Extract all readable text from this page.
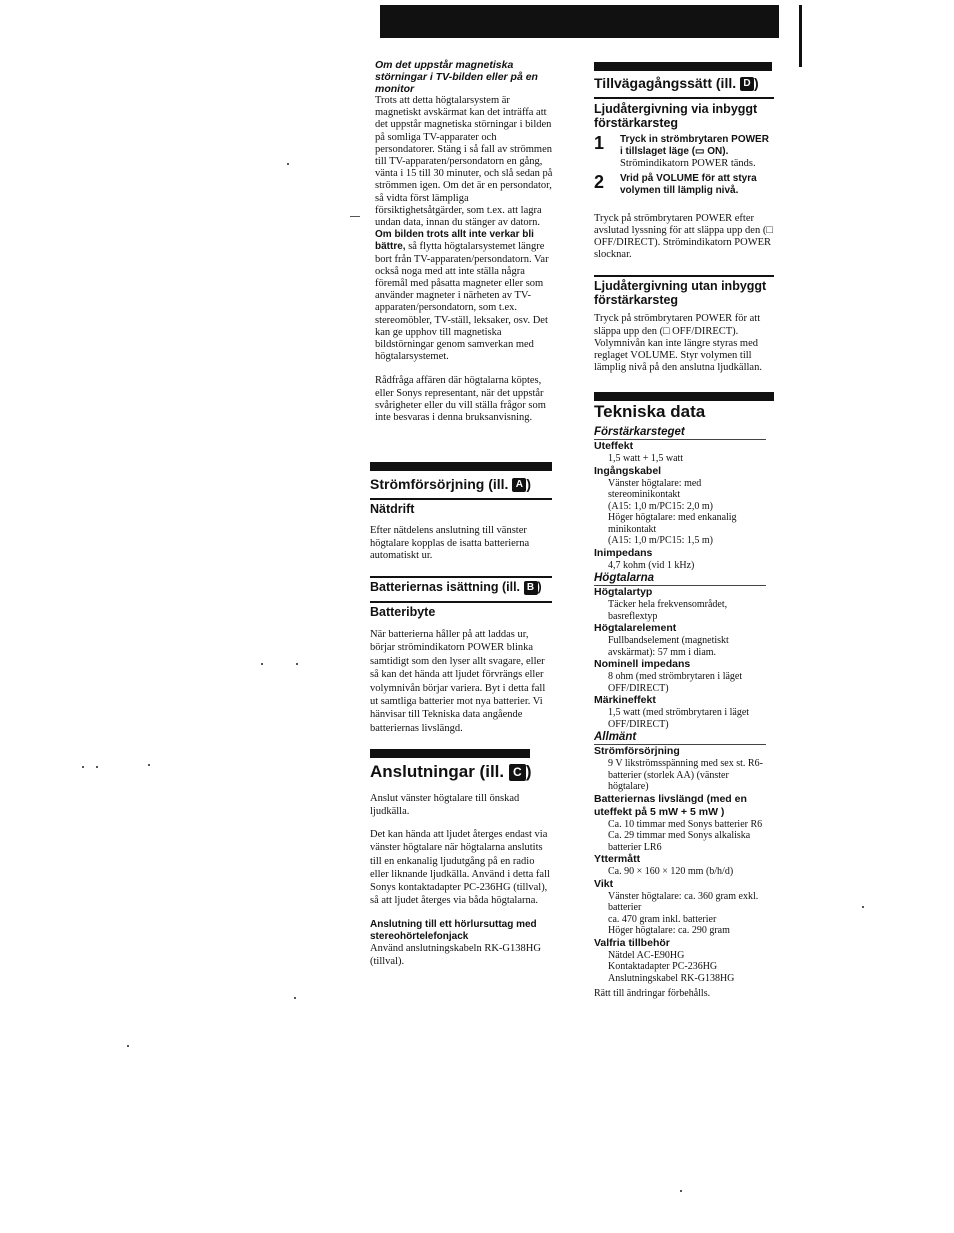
Om det uppstår magnetiska störningar i TV-bilden eller på en monitor

Trots att detta högtalarsystem är magnetiskt avskärmat kan det inträffa att det uppstår magnetiska störningar i bilden på somliga TV-apparater och persondatorer. Stäng i så fall av strömmen till TV-apparaten/persondatorn en gång, vänta i 15 till 30 minuter, och slå sedan på strömmen igen. Om det är en persondator, så vidta först lämpliga försiktighetsåtgärder, som t.ex. att lagra undan data, innan du stänger av datorn.

Om bilden trots allt inte verkar bli bättre, så flytta högtalarsystemet längre bort från TV-apparaten/persondatorn. Var också noga med att inte ställa några föremål med påsatta magneter eller som använder magneter i närheten av TV-apparaten/persondatorn, som t.ex. stereomöbler, TV-ställ, leksaker, osv. Det kan ge upphov till magnetiska bildstörningar genom samverkan med högtalarsystemet.

Rådfråga affären där högtalarna köptes, eller Sonys representant, när det uppstår svårigheter eller du vill ställa frågor som inte besvaras i denna bruksanvisning.

Strömförsörjning (ill. A )
Nätdrift

Efter nätdelens anslutning till vänster högtalare kopplas de isatta batterierna automatiskt ur.

Batteriernas isättning (ill. B )
Batteribyte

När batterierna håller på att laddas ur, börjar strömindikatorn POWER blinka samtidigt som den lyser allt svagare, eller så kan det hända att ljudet förvrängs eller volymnivån börjar variera. Byt i detta fall ut samtliga batterier mot nya batterier. Vi hänvisar till Tekniska data angående batteriernas livslängd.

Anslutningar (ill. C )

Anslut vänster högtalare till önskad ljudkälla.

Det kan hända att ljudet återges endast via vänster högtalare när högtalarna anslutits till en enkanalig ljudutgång på en radio eller liknande ljudkälla. Använd i detta fall Sonys kontaktadapter PC-236HG (tillval), så att ljudet återges via båda högtalarna.

Anslutning till ett hörlursuttag med stereohörtelefonjack

Använd anslutningskabeln RK-G138HG (tillval).

Tillvägagångssätt (ill. D )
Ljudåtergivning via inbyggt förstärkarsteg
1	Tryck in strömbrytaren POWER i tillslaget läge (▭ ON).

Strömindikatorn POWER tänds.

2	Vrid på VOLUME för att styra volymen till lämplig nivå.

Tryck på strömbrytaren POWER efter avslutad lyssning för att släppa upp den (□ OFF/DIRECT). Strömindikatorn POWER slocknar.

Ljudåtergivning utan inbyggt förstärkarsteg

Tryck på strömbrytaren POWER för att släppa upp den (□ OFF/DIRECT). Volymnivån kan inte längre styras med reglaget VOLUME. Styr volymen till lämplig nivå på den anslutna ljudkällan.

Tekniska data
Förstärkarsteget
Uteffekt
1,5 watt + 1,5 watt
Ingångskabel
Vänster högtalare: med stereominikontakt
(A15: 1,0 m/PC15: 2,0 m)
Höger högtalare: med enkanalig minikontakt
(A15: 1,0 m/PC15: 1,5 m)
Inimpedans
4,7 kohm (vid 1 kHz)
Högtalarna
Högtalartyp
Täcker hela frekvensområdet, basreflextyp
Högtalarelement
Fullbandselement (magnetiskt avskärmat): 57 mm i diam.
Nominell impedans
8 ohm (med strömbrytaren i läget OFF/DIRECT)
Märkineffekt
1,5 watt (med strömbrytaren i läget OFF/DIRECT)
Allmänt
Strömförsörjning
9 V likströmsspänning med sex st. R6-batterier (storlek AA) (vänster högtalare)
Batteriernas livslängd (med en uteffekt på 5 mW + 5 mW )
Ca. 10 timmar med Sonys batterier R6
Ca. 29 timmar med Sonys alkaliska batterier LR6
Yttermått
Ca. 90 × 160 × 120 mm (b/h/d)
Vikt
Vänster högtalare: ca. 360 gram exkl. batterier
ca. 470 gram inkl. batterier
Höger högtalare: ca. 290 gram
Valfria tillbehör
Nätdel AC-E90HG
Kontaktadapter PC-236HG
Anslutningskabel RK-G138HG

Rätt till ändringar förbehålls.
